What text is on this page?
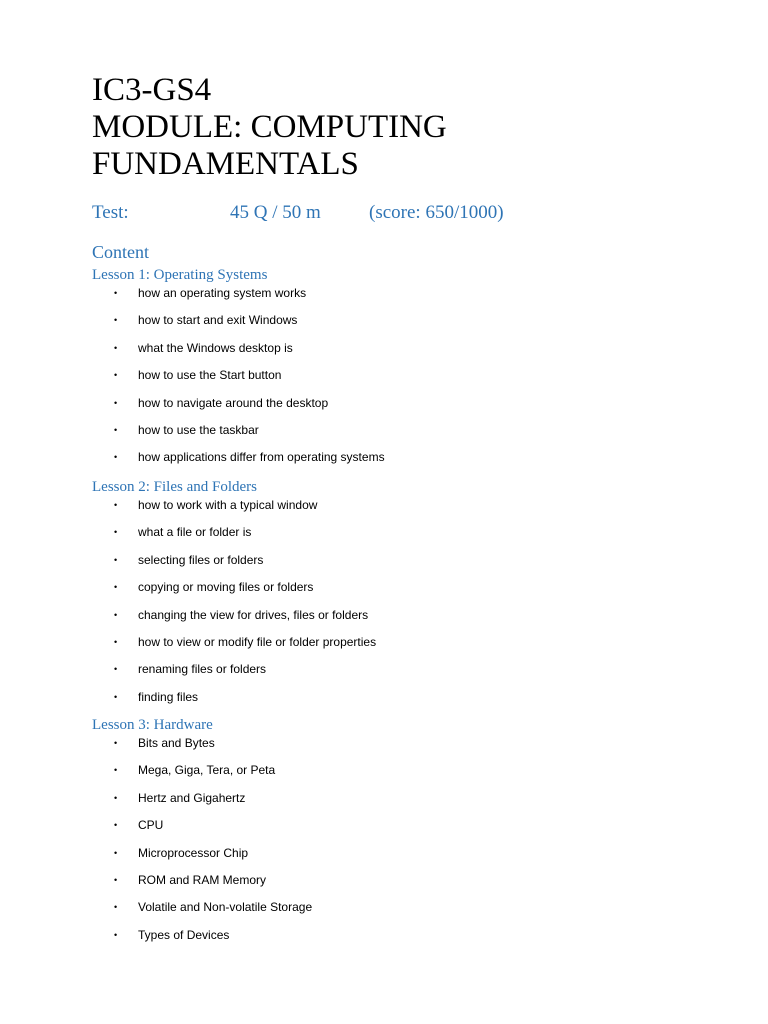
IC3-GS4
MODULE: COMPUTING
FUNDAMENTALS
Test:	45 Q / 50 m	(score: 650/1000)
Content
Lesson 1: Operating Systems
• how an operating system works
• how to start and exit Windows
• what the Windows desktop is
• how to use the Start button
• how to navigate around the desktop
• how to use the taskbar
• how applications differ from operating systems
Lesson 2: Files and Folders
• how to work with a typical window
• what a file or folder is
• selecting files or folders
• copying or moving files or folders
• changing the view for drives, files or folders
• how to view or modify file or folder properties
• renaming files or folders
• finding files
Lesson 3: Hardware
• Bits and Bytes
• Mega, Giga, Tera, or Peta
• Hertz and Gigahertz
• CPU
• Microprocessor Chip
• ROM and RAM Memory
• Volatile and Non-volatile Storage
• Types of Devices
